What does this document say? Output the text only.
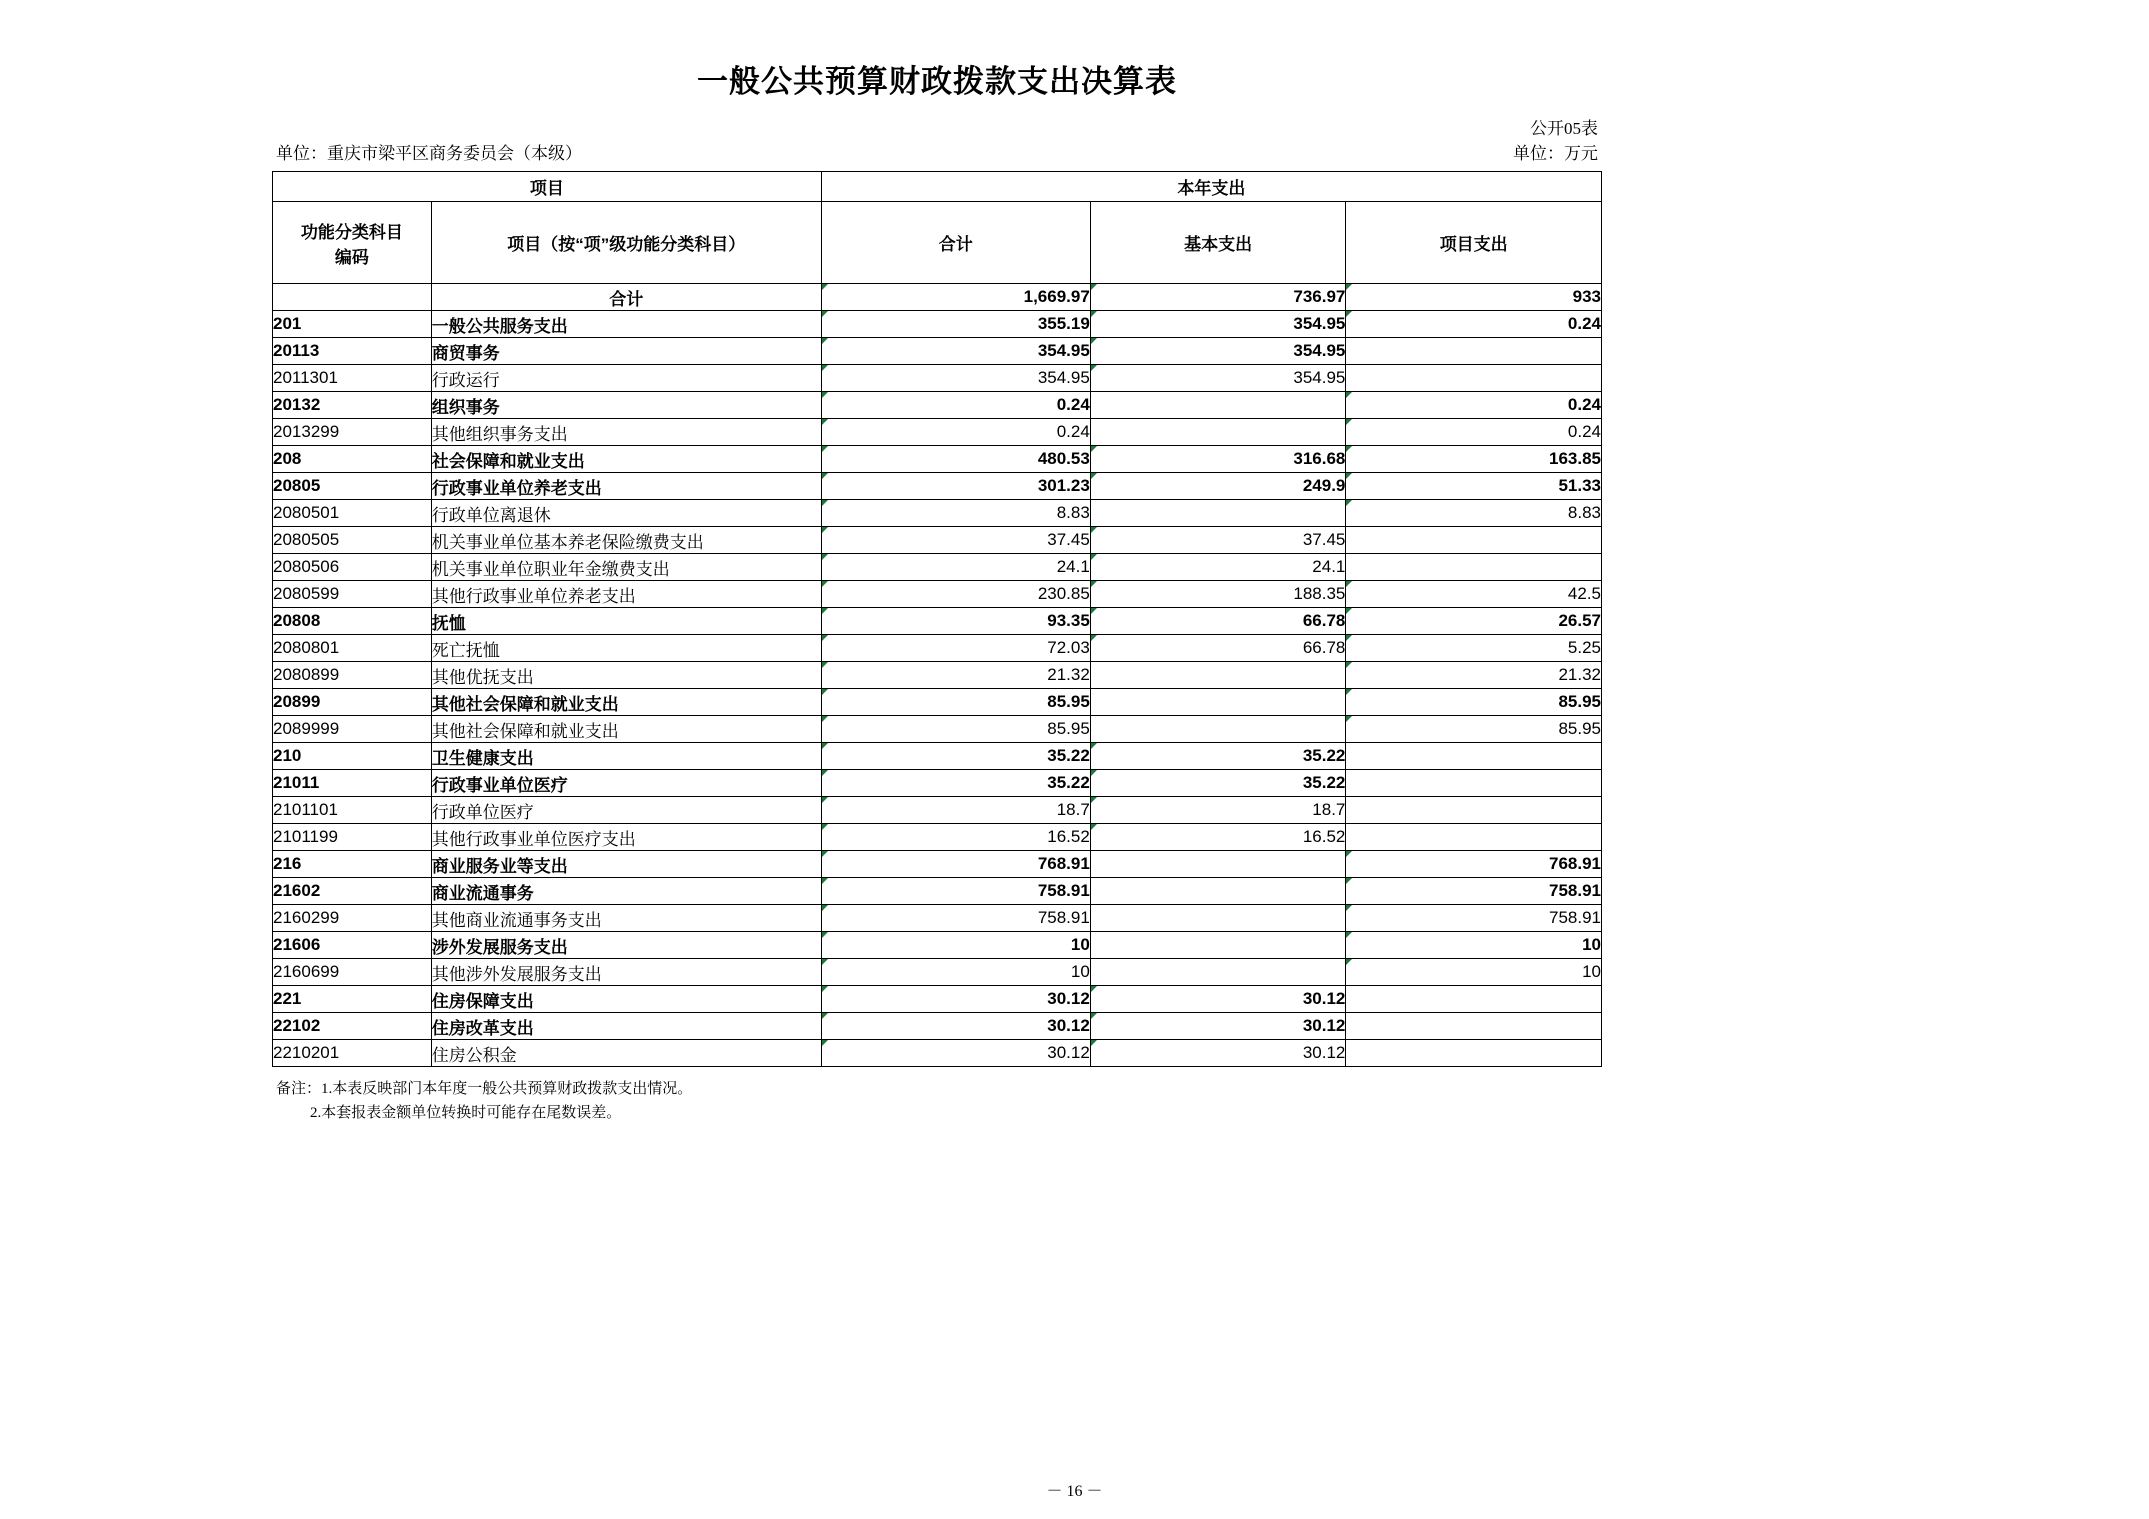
一般公共预算财政拨款支出决算表
公开05表
单位：重庆市梁平区商务委员会（本级）	单位：万元
项目		本年支出		
功能分类科目
编码	项目（按“项”级功能分类科目）	合计	基本支出	项目支出
	合计	1,669.97	736.97	933
201	一般公共服务支出	355.19	354.95	0.24
20113	商贸事务	354.95	354.95	
2011301	行政运行	354.95	354.95	
20132	组织事务	0.24		0.24
2013299	其他组织事务支出	0.24		0.24
208	社会保障和就业支出	480.53	316.68	163.85
20805	行政事业单位养老支出	301.23	249.9	51.33
2080501	行政单位离退休	8.83		8.83
2080505	机关事业单位基本养老保险缴费支出	37.45	37.45	
2080506	机关事业单位职业年金缴费支出	24.1	24.1	
2080599	其他行政事业单位养老支出	230.85	188.35	42.5
20808	抚恤	93.35	66.78	26.57
2080801	死亡抚恤	72.03	66.78	5.25
2080899	其他优抚支出	21.32		21.32
20899	其他社会保障和就业支出	85.95		85.95
2089999	其他社会保障和就业支出	85.95		85.95
210	卫生健康支出	35.22	35.22	
21011	行政事业单位医疗	35.22	35.22	
2101101	行政单位医疗	18.7	18.7	
2101199	其他行政事业单位医疗支出	16.52	16.52	
216	商业服务业等支出	768.91		768.91
21602	商业流通事务	758.91		758.91
2160299	其他商业流通事务支出	758.91		758.91
21606	涉外发展服务支出	10		10
2160699	其他涉外发展服务支出	10		10
221	住房保障支出	30.12	30.12	
22102	住房改革支出	30.12	30.12	
2210201	住房公积金	30.12	30.12	
备注：1.本表反映部门本年度一般公共预算财政拨款支出情况。
2.本套报表金额单位转换时可能存在尾数误差。
－ 16 －
